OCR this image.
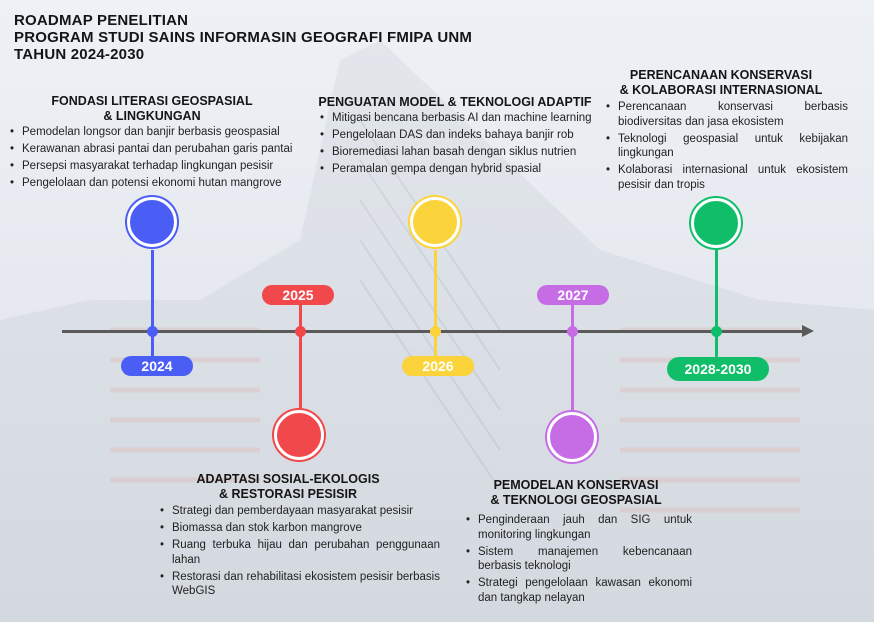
ROADMAP PENELITIAN
PROGRAM STUDI SAINS INFORMASIN GEOGRAFI FMIPA UNM
TAHUN 2024-2030
FONDASI LITERASI GEOSPASIAL
& LINGKUNGAN
• Pemodelan longsor dan banjir berbasis geospasial
• Kerawanan abrasi pantai dan perubahan garis pantai
• Persepsi masyarakat terhadap lingkungan pesisir
• Pengelolaan dan potensi ekonomi hutan mangrove
2024
2025
ADAPTASI SOSIAL-EKOLOGIS
& RESTORASI PESISIR
• Strategi dan pemberdayaan masyarakat pesisir
• Biomassa dan stok karbon mangrove
• Ruang terbuka hijau dan perubahan penggunaan lahan
• Restorasi dan rehabilitasi ekosistem pesisir berbasis WebGIS
PENGUATAN MODEL & TEKNOLOGI ADAPTIF
• Mitigasi bencana berbasis AI dan machine learning
• Pengelolaan DAS dan indeks bahaya banjir rob
• Bioremediasi lahan basah dengan siklus nutrien
• Peramalan gempa dengan hybrid spasial
2026
2027
PEMODELAN KONSERVASI
& TEKNOLOGI GEOSPASIAL
• Penginderaan jauh dan SIG untuk monitoring lingkungan
• Sistem manajemen kebencanaan berbasis teknologi
• Strategi pengelolaan kawasan ekonomi dan tangkap nelayan
PERENCANAAN KONSERVASI
& KOLABORASI INTERNASIONAL
• Perencanaan konservasi berbasis biodiversitas dan jasa ekosistem
• Teknologi geospasial untuk kebijakan lingkungan
• Kolaborasi internasional untuk ekosistem pesisir dan tropis
2028-2030
